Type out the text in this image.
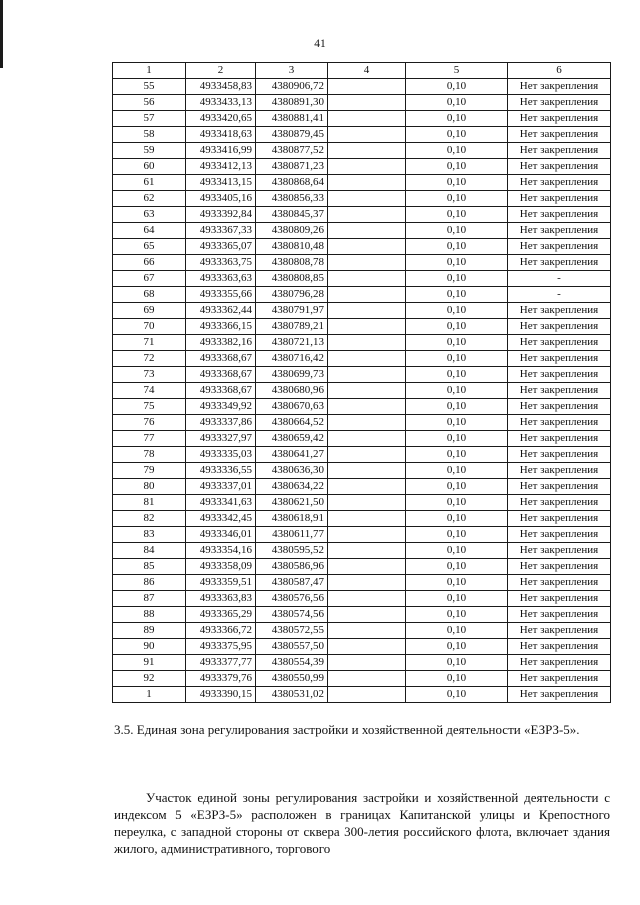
41
1	2	3	4	5	6
55	4933458,83	4380906,72		0,10	Нет закрепления
56	4933433,13	4380891,30		0,10	Нет закрепления
57	4933420,65	4380881,41		0,10	Нет закрепления
58	4933418,63	4380879,45		0,10	Нет закрепления
59	4933416,99	4380877,52		0,10	Нет закрепления
60	4933412,13	4380871,23		0,10	Нет закрепления
61	4933413,15	4380868,64		0,10	Нет закрепления
62	4933405,16	4380856,33		0,10	Нет закрепления
63	4933392,84	4380845,37		0,10	Нет закрепления
64	4933367,33	4380809,26		0,10	Нет закрепления
65	4933365,07	4380810,48		0,10	Нет закрепления
66	4933363,75	4380808,78		0,10	Нет закрепления
67	4933363,63	4380808,85		0,10	-
68	4933355,66	4380796,28		0,10	-
69	4933362,44	4380791,97		0,10	Нет закрепления
70	4933366,15	4380789,21		0,10	Нет закрепления
71	4933382,16	4380721,13		0,10	Нет закрепления
72	4933368,67	4380716,42		0,10	Нет закрепления
73	4933368,67	4380699,73		0,10	Нет закрепления
74	4933368,67	4380680,96		0,10	Нет закрепления
75	4933349,92	4380670,63		0,10	Нет закрепления
76	4933337,86	4380664,52		0,10	Нет закрепления
77	4933327,97	4380659,42		0,10	Нет закрепления
78	4933335,03	4380641,27		0,10	Нет закрепления
79	4933336,55	4380636,30		0,10	Нет закрепления
80	4933337,01	4380634,22		0,10	Нет закрепления
81	4933341,63	4380621,50		0,10	Нет закрепления
82	4933342,45	4380618,91		0,10	Нет закрепления
83	4933346,01	4380611,77		0,10	Нет закрепления
84	4933354,16	4380595,52		0,10	Нет закрепления
85	4933358,09	4380586,96		0,10	Нет закрепления
86	4933359,51	4380587,47		0,10	Нет закрепления
87	4933363,83	4380576,56		0,10	Нет закрепления
88	4933365,29	4380574,56		0,10	Нет закрепления
89	4933366,72	4380572,55		0,10	Нет закрепления
90	4933375,95	4380557,50		0,10	Нет закрепления
91	4933377,77	4380554,39		0,10	Нет закрепления
92	4933379,76	4380550,99		0,10	Нет закрепления
1	4933390,15	4380531,02		0,10	Нет закрепления

3.5. Единая зона регулирования застройки и хозяйственной деятельности «ЕЗРЗ-5».

Участок единой зоны регулирования застройки и хозяйственной деятельности с индексом 5 «ЕЗРЗ-5» расположен в границах Капитанской улицы и Крепостного переулка, с западной стороны от сквера 300-летия российского флота, включает здания жилого, административного, торгового
